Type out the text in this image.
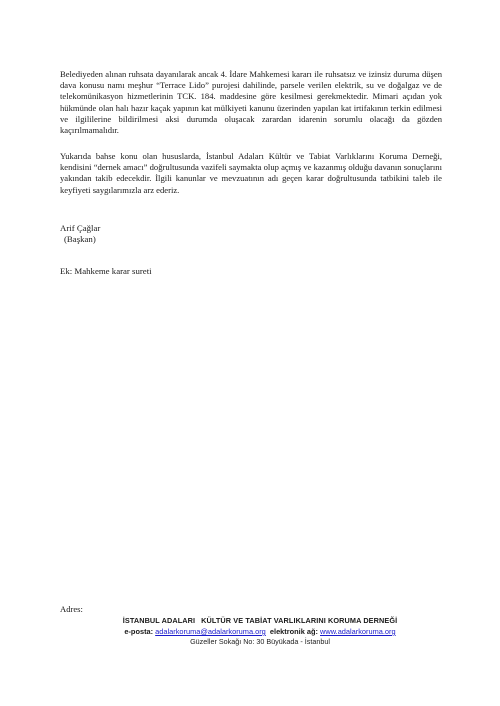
Belediyeden alınan ruhsata dayanılarak ancak 4. İdare Mahkemesi kararı ile ruhsatsız ve izinsiz duruma düşen dava konusu namı meşhur “Terrace Lido” purojesi dahilinde, parsele verilen elektrik, su ve doğalgaz ve de telekomünikasyon hizmetlerinin TCK. 184. maddesine göre kesilmesi gerekmektedir. Mimari açıdan yok hükmünde olan halı hazır kaçak yapının kat mülkiyeti kanunu üzerinden yapılan kat irtifakının terkin edilmesi ve ilgililerine bildirilmesi aksi durumda oluşacak zarardan idarenin sorumlu olacağı da gözden kaçırılmamalıdır.

Yukarıda bahse konu olan hususlarda, İstanbul Adaları Kültür ve Tabiat Varlıklarını Koruma Derneği, kendisini “dernek amacı” doğrultusunda vazifeli saymakta olup açmış ve kazanmış olduğu davanın sonuçlarını yakından takib edecekdir. İlgili kanunlar ve mevzuatının adı geçen karar doğrultusunda tatbikini taleb ile keyfiyeti saygılarımızla arz ederiz.

Arif Çağlar
(Başkan)
Ek: Mahkeme karar sureti
Adres:
İSTANBUL ADALARI KÜLTÜR VE TABİAT VARLIKLARINI KORUMA DERNEĞİ
e-posta: adalarkoruma@adalarkoruma.org elektronik ağ: www.adalarkoruma.org
Güzeller Sokağı No: 30 Büyükada - İstanbul
